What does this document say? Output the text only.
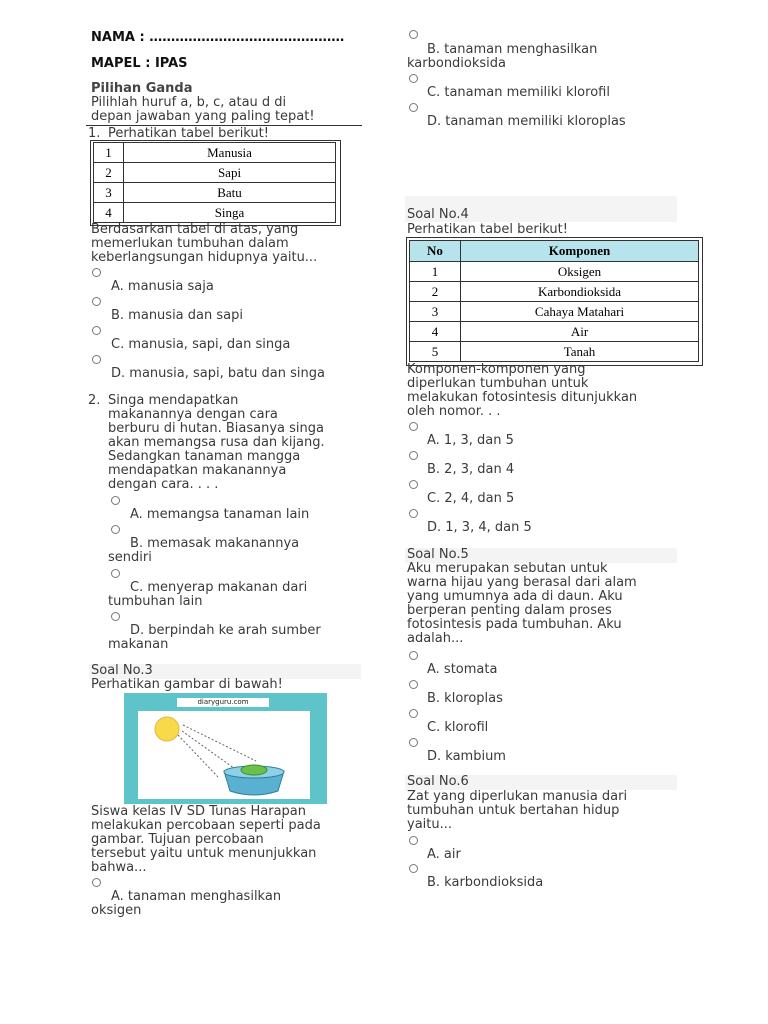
NAMA : ………………………………………
MAPEL : IPAS
Pilihan Ganda
Pilihlah huruf a, b, c, atau d di
depan jawaban yang paling tepat!
1. Perhatikan tabel berikut!
1	Manusia
2	Sapi
3	Batu
4	Singa
Berdasarkan tabel di atas, yang
memerlukan tumbuhan dalam
keberlangsungan hidupnya yaitu...
A. manusia saja
B. manusia dan sapi
C. manusia, sapi, dan singa
D. manusia, sapi, batu dan singa
2. Singa mendapatkan
makanannya dengan cara
berburu di hutan. Biasanya singa
akan memangsa rusa dan kijang.
Sedangkan tanaman mangga
mendapatkan makanannya
dengan cara. . . .
A. memangsa tanaman lain
B. memasak makanannya
sendiri
C. menyerap makanan dari
tumbuhan lain
D. berpindah ke arah sumber
makanan
Soal No.3
Perhatikan gambar di bawah!
diaryguru.com
Siswa kelas IV SD Tunas Harapan
melakukan percobaan seperti pada
gambar. Tujuan percobaan
tersebut yaitu untuk menunjukkan
bahwa...
A. tanaman menghasilkan
oksigen
B. tanaman menghasilkan
karbondioksida
C. tanaman memiliki klorofil
D. tanaman memiliki kloroplas
Soal No.4
Perhatikan tabel berikut!
No	Komponen
1	Oksigen
2	Karbondioksida
3	Cahaya Matahari
4	Air
5	Tanah
Komponen-komponen yang
diperlukan tumbuhan untuk
melakukan fotosintesis ditunjukkan
oleh nomor. . .
A. 1, 3, dan 5
B. 2, 3, dan 4
C. 2, 4, dan 5
D. 1, 3, 4, dan 5
Soal No.5
Aku merupakan sebutan untuk
warna hijau yang berasal dari alam
yang umumnya ada di daun. Aku
berperan penting dalam proses
fotosintesis pada tumbuhan. Aku
adalah...
A. stomata
B. kloroplas
C. klorofil
D. kambium
Soal No.6
Zat yang diperlukan manusia dari
tumbuhan untuk bertahan hidup
yaitu...
A. air
B. karbondioksida
